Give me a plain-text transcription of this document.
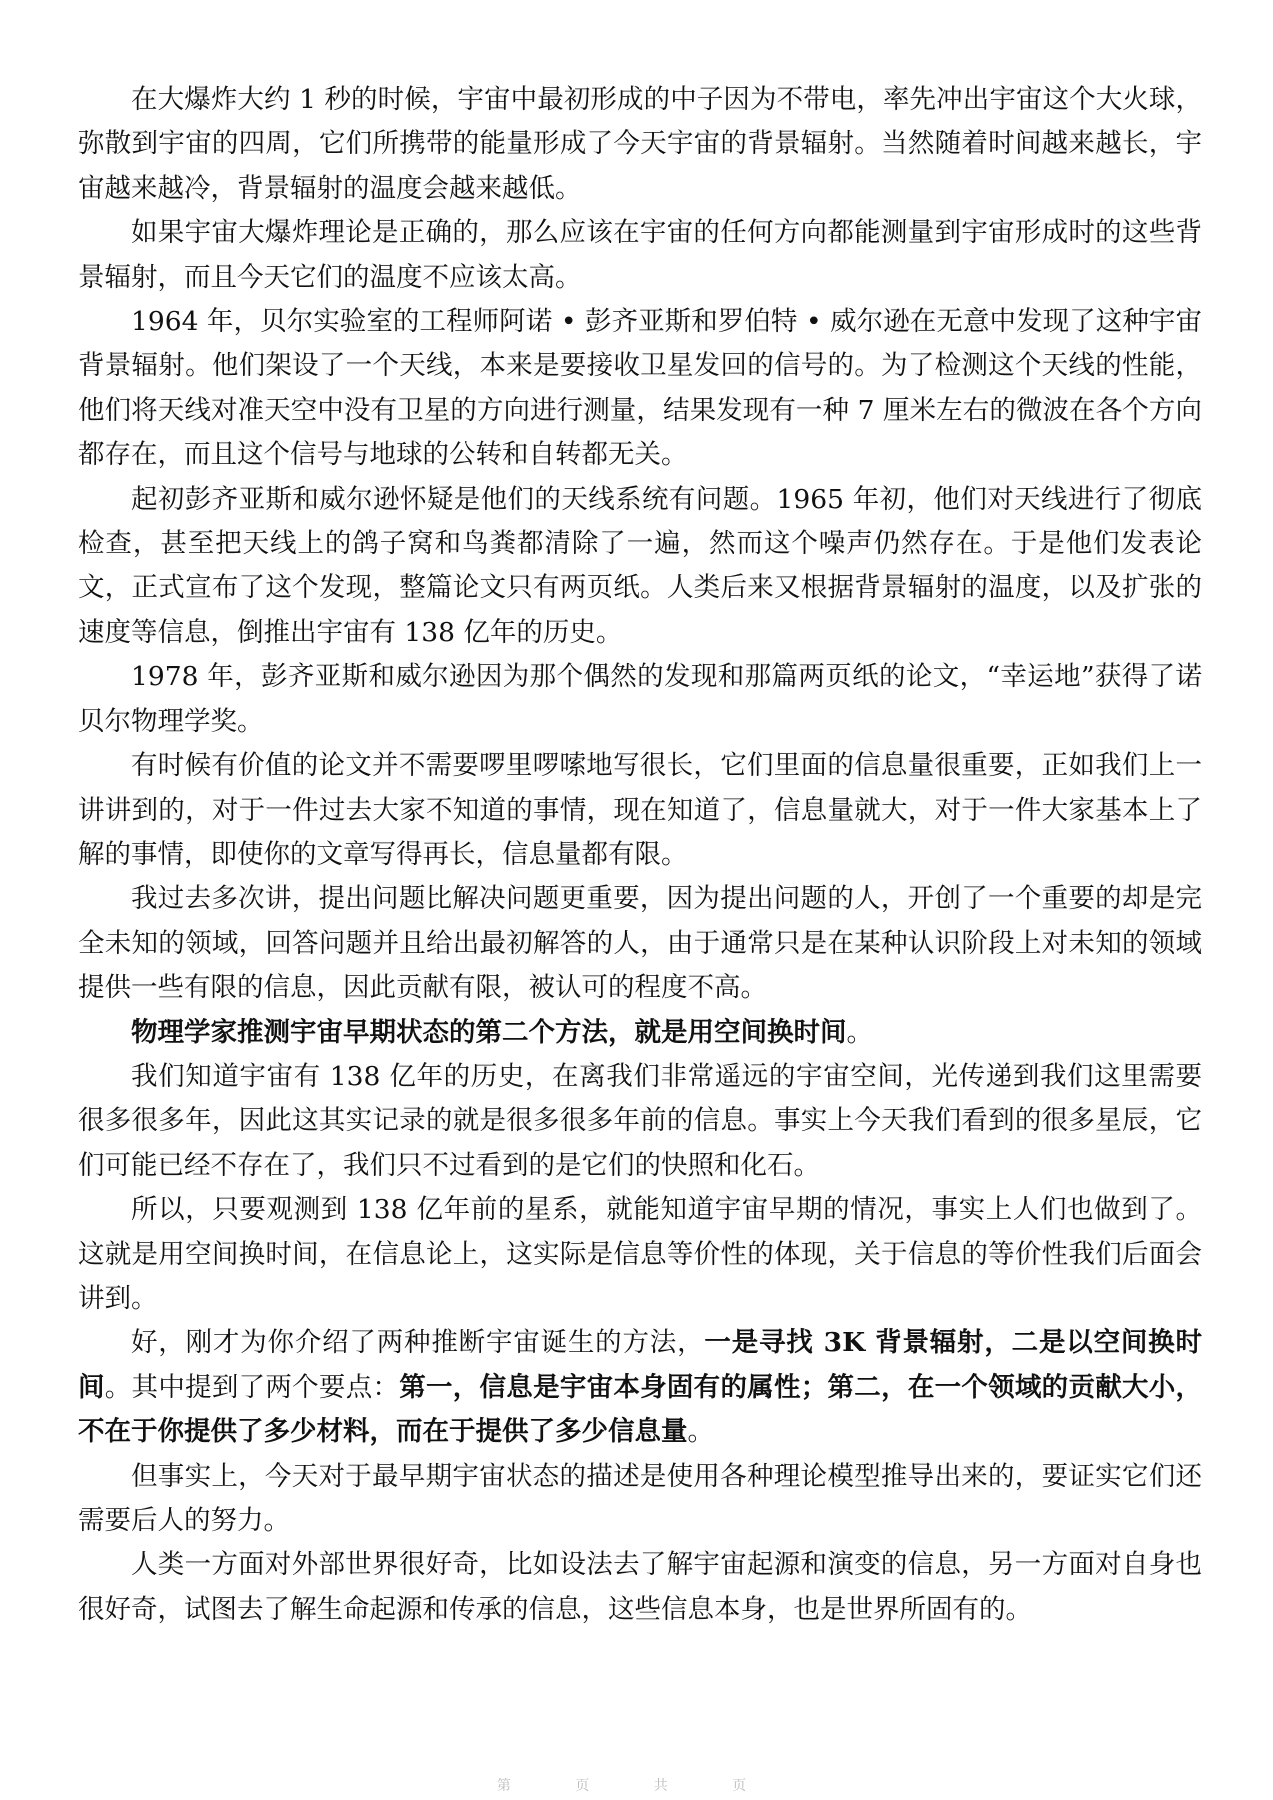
在大爆炸大约 1 秒的时候，宇宙中最初形成的中子因为不带电，率先冲出宇宙这个大火球，弥散到宇宙的四周，它们所携带的能量形成了今天宇宙的背景辐射。当然随着时间越来越长，宇宙越来越冷，背景辐射的温度会越来越低。

如果宇宙大爆炸理论是正确的，那么应该在宇宙的任何方向都能测量到宇宙形成时的这些背景辐射，而且今天它们的温度不应该太高。

1964 年，贝尔实验室的工程师阿诺 • 彭齐亚斯和罗伯特 • 威尔逊在无意中发现了这种宇宙背景辐射。他们架设了一个天线，本来是要接收卫星发回的信号的。为了检测这个天线的性能，他们将天线对准天空中没有卫星的方向进行测量，结果发现有一种 7 厘米左右的微波在各个方向都存在，而且这个信号与地球的公转和自转都无关。

起初彭齐亚斯和威尔逊怀疑是他们的天线系统有问题。1965 年初，他们对天线进行了彻底检查，甚至把天线上的鸽子窝和鸟粪都清除了一遍，然而这个噪声仍然存在。于是他们发表论文，正式宣布了这个发现，整篇论文只有两页纸。人类后来又根据背景辐射的温度，以及扩张的速度等信息，倒推出宇宙有 138 亿年的历史。

1978 年，彭齐亚斯和威尔逊因为那个偶然的发现和那篇两页纸的论文，“幸运地”获得了诺贝尔物理学奖。

有时候有价值的论文并不需要啰里啰嗦地写很长，它们里面的信息量很重要，正如我们上一讲讲到的，对于一件过去大家不知道的事情，现在知道了，信息量就大，对于一件大家基本上了解的事情，即使你的文章写得再长，信息量都有限。

我过去多次讲，提出问题比解决问题更重要，因为提出问题的人，开创了一个重要的却是完全未知的领域，回答问题并且给出最初解答的人，由于通常只是在某种认识阶段上对未知的领域提供一些有限的信息，因此贡献有限，被认可的程度不高。

物理学家推测宇宙早期状态的第二个方法，就是用空间换时间。

我们知道宇宙有 138 亿年的历史，在离我们非常遥远的宇宙空间，光传递到我们这里需要很多很多年，因此这其实记录的就是很多很多年前的信息。事实上今天我们看到的很多星辰，它们可能已经不存在了，我们只不过看到的是它们的快照和化石。

所以，只要观测到 138 亿年前的星系，就能知道宇宙早期的情况，事实上人们也做到了。这就是用空间换时间，在信息论上，这实际是信息等价性的体现，关于信息的等价性我们后面会讲到。

好，刚才为你介绍了两种推断宇宙诞生的方法，一是寻找 3K 背景辐射，二是以空间换时间。其中提到了两个要点：第一，信息是宇宙本身固有的属性；第二，在一个领域的贡献大小，不在于你提供了多少材料，而在于提供了多少信息量。

但事实上，今天对于最早期宇宙状态的描述是使用各种理论模型推导出来的，要证实它们还需要后人的努力。

人类一方面对外部世界很好奇，比如设法去了解宇宙起源和演变的信息，另一方面对自身也很好奇，试图去了解生命起源和传承的信息，这些信息本身，也是世界所固有的。

第 页 共 页
